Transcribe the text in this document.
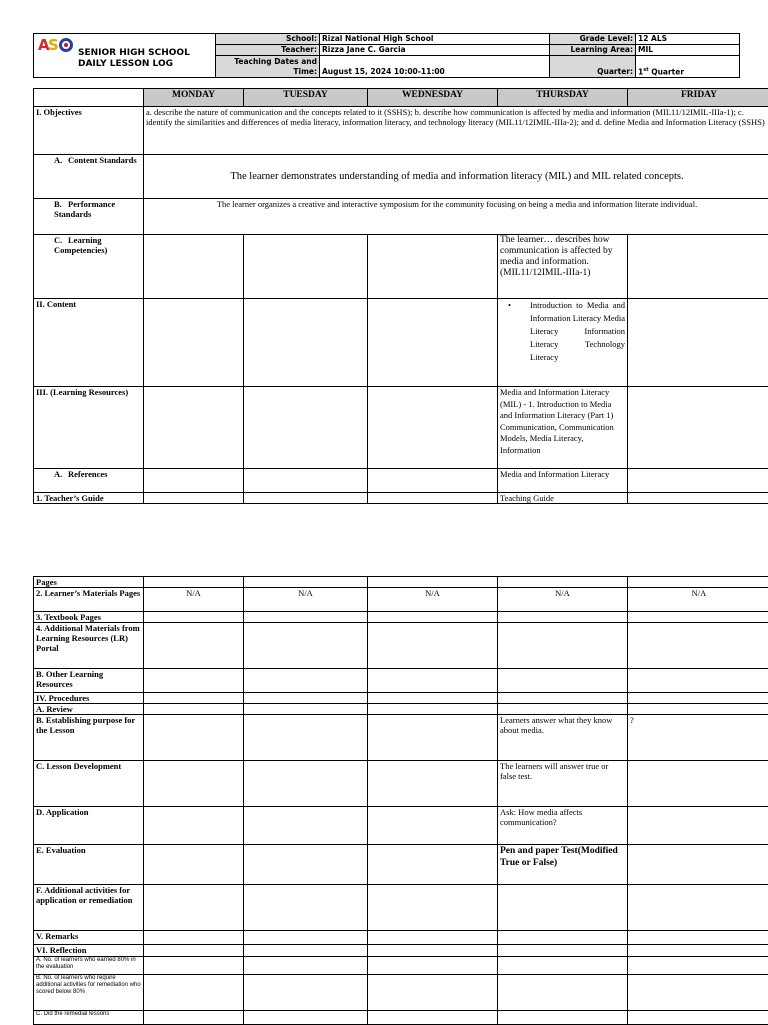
A
S SENIOR HIGH SCHOOL
DAILY LESSON LOG	School:	Rizal National High School	Grade Level:	12 ALS
	Teacher:	Rizza Jane C. Garcia	Learning Area:	MIL
	Teaching Dates and Time:	August 15, 2024 10:00-11:00	Quarter:	1st Quarter
	MONDAY	TUESDAY	WEDNESDAY	THURSDAY	FRIDAY
I. Objectives	a. describe the nature of communication and the concepts related to it (SSHS); b. describe how communication is affected by media and information (MIL11/12IMIL-IIIa-1); c. identify the similarities and differences of media literacy, information literacy, and technology literacy (MIL11/12IMIL-IIIa-2); and d. define Media and Information Literacy (SSHS)				
A. Content Standards	The learner demonstrates understanding of media and information literacy (MIL) and MIL related concepts.				
B. Performance Standards	The learner organizes a creative and interactive symposium for the community focusing on being a media and information literate individual.				
C. Learning Competencies)				The learner… describes how communication is affected by media and information. (MIL11/12IMIL-IIIa-1)	
II. Content				• Introduction to Media and Information Literacy Media Literacy Information Literacy Technology Literacy	

III. (Learning Resources)				Media and Information Literacy (MIL) - 1. Introduction to Media and Information Literacy (Part 1) Communication, Communication Models, Media Literacy, Information	
A. References				Media and Information Literacy	
1. Teacher’s Guide				Teaching Guide	
Pages					
2. Learner’s Materials Pages	N/A	N/A	N/A	N/A	N/A
3. Textbook Pages					
4. Additional Materials from Learning Resources (LR) Portal					
B. Other Learning Resources					
IV. Procedures					
A. Review					
B. Establishing purpose for the Lesson				Learners answer what they know about media.	?
C. Lesson Development				The learners will answer true or false test.	
D. Application				Ask: How media affects communication?	
E. Evaluation				Pen and paper Test(Modified True or False)	
F. Additional activities for application or remediation					
V. Remarks					
VI. Reflection					
A. No. of learners who earned 80% in the evaluation					
B. No. of learners who require additional activities for remediation who scored below 80%					
C. Did the remedial lessons					
